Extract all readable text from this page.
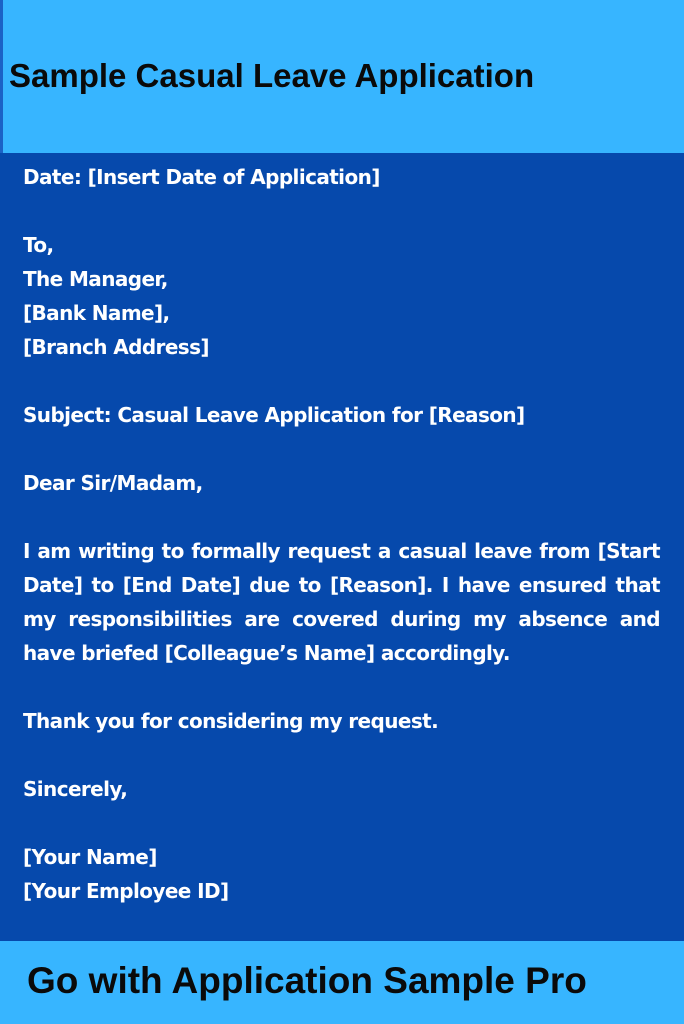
Sample Casual Leave Application
Date: [Insert Date of Application]
To,
The Manager,
[Bank Name],
[Branch Address]
Subject: Casual Leave Application for [Reason]
Dear Sir/Madam,
I am writing to formally request a casual leave from [Start Date] to [End Date] due to [Reason]. I have ensured that my responsibilities are covered during my absence and have briefed [Colleague’s Name] accordingly.
Thank you for considering my request.
Sincerely,
[Your Name]
[Your Employee ID]

Go with Application Sample Pro
